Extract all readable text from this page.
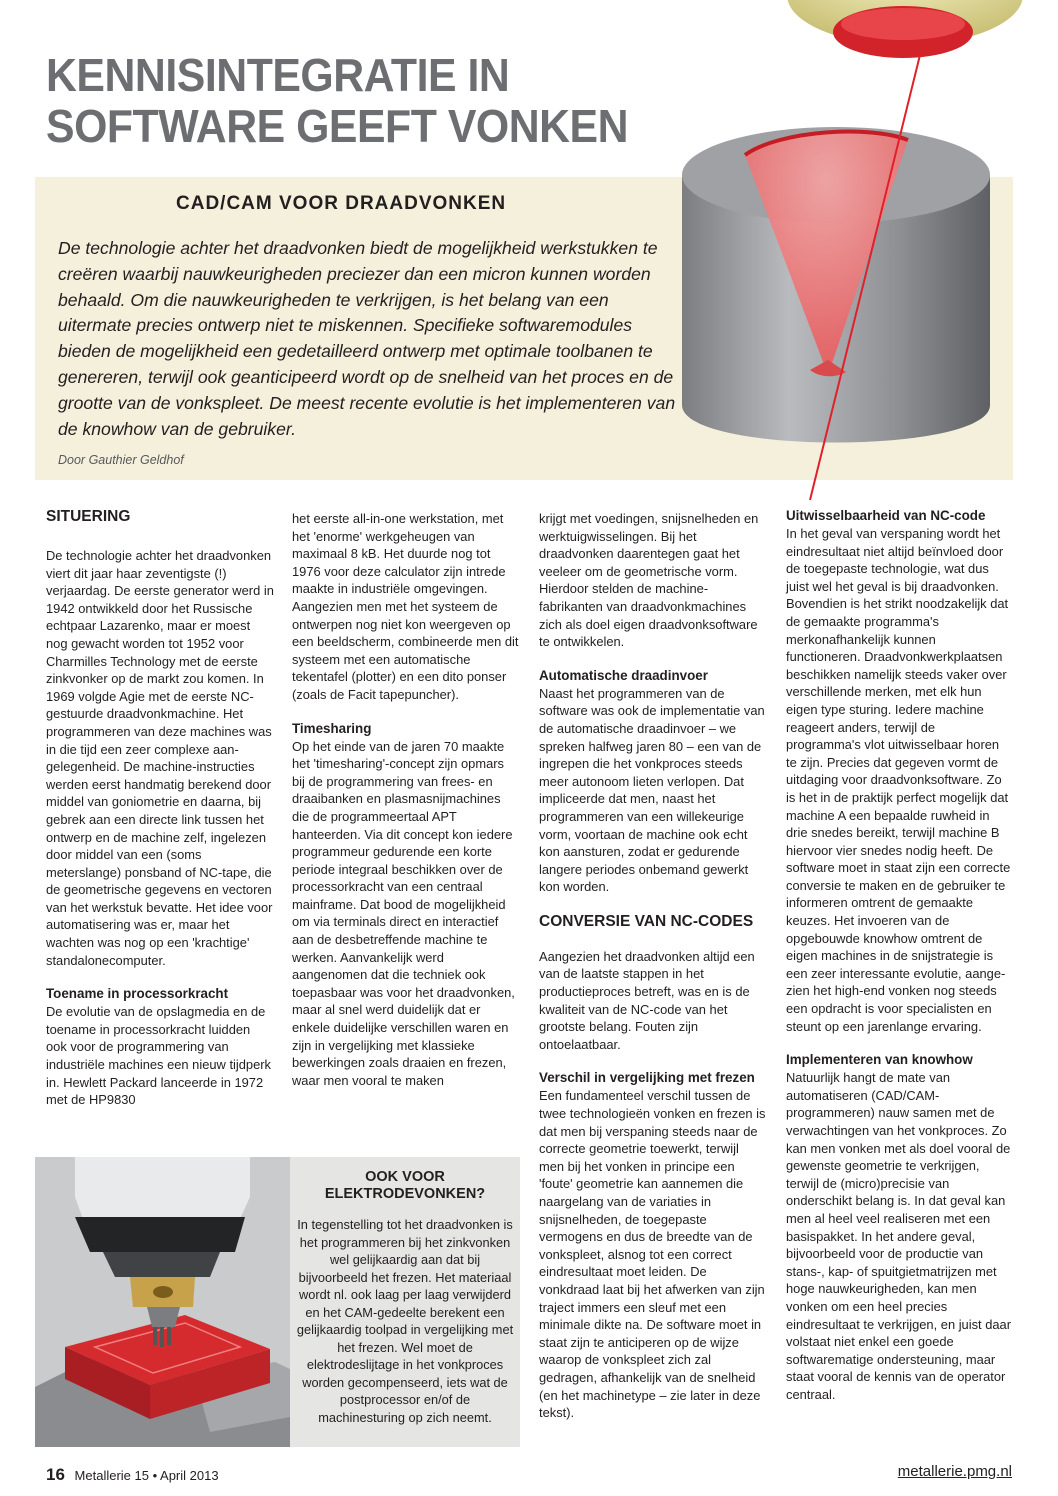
KENNISINTEGRATIE IN
SOFTWARE GEEFT VONKEN

CAD/CAM VOOR DRAADVONKEN

De technologie achter het draadvonken biedt de mogelijkheid werkstukken te creëren waarbij nauwkeurigheden preciezer dan een micron kunnen worden behaald. Om die nauwkeurigheden te verkrijgen, is het belang van een uitermate precies ontwerp niet te miskennen. Specifieke softwaremodules bieden de mogelijkheid een gedetailleerd ontwerp met optimale toolbanen te genereren, terwijl ook geanticipeerd wordt op de snelheid van het proces en de grootte van de vonkspleet. De meest recente evolutie is het implementeren van de knowhow van de gebruiker.

Door Gauthier Geldhof

SITUERING

De technologie achter het draadvonken viert dit jaar haar zeventigste (!) verjaardag. De eerste generator werd in 1942 ontwikkeld door het Russische echtpaar Lazarenko, maar er moest nog gewacht worden tot 1952 voor Charmilles Technology met de eerste zinkvonker op de markt zou komen. In 1969 volgde Agie met de eerste NC-gestuurde draadvonkmachine. Het programmeren van deze machines was in die tijd een zeer complexe aangelegenheid. De machine-instructies werden eerst handmatig berekend door middel van goniometrie en daarna, bij gebrek aan een directe link tussen het ontwerp en de machine zelf, ingelezen door middel van een (soms meterslange) ponsband of NC-tape, die de geometrische gegevens en vectoren van het werkstuk bevatte. Het idee voor automatisering was er, maar het wachten was nog op een 'krachtige' standalonecomputer.

Toename in processorkracht

De evolutie van de opslagmedia en de toename in processorkracht luidden ook voor de programmering van industriële machines een nieuw tijdperk in. Hewlett Packard lanceerde in 1972 met de HP9830

het eerste all-in-one werkstation, met het 'enorme' werkgeheugen van maximaal 8 kB. Het duurde nog tot 1976 voor deze calculator zijn intrede maakte in industriële omgevingen. Aangezien men met het systeem de ontwerpen nog niet kon weergeven op een beeldscherm, combineerde men dit systeem met een automatische tekentafel (plotter) en een dito ponser (zoals de Facit tapepuncher).

Timesharing

Op het einde van de jaren 70 maakte het 'timesharing'-concept zijn opmars bij de programmering van frees- en draaibanken en plasmasnijmachines die de programmeertaal APT hanteerden. Via dit concept kon iedere programmeur gedurende een korte periode integraal beschikken over de processorkracht van een centraal mainframe. Dat bood de mogelijkheid om via terminals direct en interactief aan de desbetreffende machine te werken. Aanvankelijk werd aangenomen dat die techniek ook toepasbaar was voor het draadvonken, maar al snel werd duidelijk dat er enkele duidelijke verschillen waren en zijn in vergelijking met klassieke bewerkingen zoals draaien en frezen, waar men vooral te maken

krijgt met voedingen, snijsnelheden en werktuigwisselingen. Bij het draadvonken daarentegen gaat het veeleer om de geometrische vorm. Hierdoor stelden de machinefabrikanten van draadvonkmachines zich als doel eigen draadvonksoftware te ontwikkelen.

Automatische draadinvoer

Naast het programmeren van de software was ook de implementatie van de automatische draadinvoer – we spreken halfweg jaren 80 – een van de ingrepen die het vonkproces steeds meer autonoom lieten verlopen. Dat impliceerde dat men, naast het programmeren van een willekeurige vorm, voortaan de machine ook echt kon aansturen, zodat er gedurende langere periodes onbemand gewerkt kon worden.

CONVERSIE VAN NC-CODES

Aangezien het draadvonken altijd een van de laatste stappen in het productieproces betreft, was en is de kwaliteit van de NC-code van het grootste belang. Fouten zijn ontoelaatbaar.

Verschil in vergelijking met frezen

Een fundamenteel verschil tussen de twee technologieën vonken en frezen is dat men bij verspaning steeds naar de correcte geometrie toewerkt, terwijl men bij het vonken in principe een 'foute' geometrie kan aannemen die naargelang van de variaties in snijsnelheden, de toegepaste vermogens en dus de breedte van de vonkspleet, alsnog tot een correct eindresultaat moet leiden. De vonkdraad laat bij het afwerken van zijn traject immers een sleuf met een minimale dikte na. De software moet in staat zijn te anticiperen op de wijze waarop de vonkspleet zich zal gedragen, afhankelijk van de snelheid (en het machinetype – zie later in deze tekst).

Uitwisselbaarheid van NC-code

In het geval van verspaning wordt het eindresultaat niet altijd beïnvloed door de toegepaste technologie, wat dus juist wel het geval is bij draadvonken. Bovendien is het strikt noodzakelijk dat de gemaakte programma's merkonafhankelijk kunnen functioneren. Draadvonkwerkplaatsen beschikken namelijk steeds vaker over verschillende merken, met elk hun eigen type sturing. Iedere machine reageert anders, terwijl de programma's vlot uitwisselbaar horen te zijn. Precies dat gegeven vormt de uitdaging voor draadvonksoftware. Zo is het in de praktijk perfect mogelijk dat machine A een bepaalde ruwheid in drie snedes bereikt, terwijl machine B hiervoor vier snedes nodig heeft. De software moet in staat zijn een correcte conversie te maken en de gebruiker te informeren omtrent de gemaakte keuzes. Het invoeren van de opgebouwde knowhow omtrent de eigen machines in de snijstrategie is een zeer interessante evolutie, aangezien het high-end vonken nog steeds een opdracht is voor specialisten en steunt op een jarenlange ervaring.

Implementeren van knowhow

Natuurlijk hangt de mate van automatiseren (CAD/CAM-programmeren) nauw samen met de verwachtingen van het vonkproces. Zo kan men vonken met als doel vooral de gewenste geometrie te verkrijgen, terwijl de (micro)precisie van onderschikt belang is. In dat geval kan men al heel veel realiseren met een basispakket. In het andere geval, bijvoorbeeld voor de productie van stans-, kap- of spuitgietmatrijzen met hoge nauwkeurigheden, kan men vonken om een heel precies eindresultaat te verkrijgen, en juist daar volstaat niet enkel een goede softwarematige ondersteuning, maar staat vooral de kennis van de operator centraal.

OOK VOOR
ELEKTRODEVONKEN?

In tegenstelling tot het draadvonken is het programmeren bij het zinkvonken wel gelijkaardig aan dat bij bijvoorbeeld het frezen. Het materiaal wordt nl. ook laag per laag verwijderd en het CAM-gedeelte berekent een gelijkaardig toolpad in vergelijking met het frezen. Wel moet de elektrodeslijtage in het vonkproces worden gecompenseerd, iets wat de postprocessor en/of de machinesturing op zich neemt.

16 Metallerie 15 • April 2013	metallerie.pmg.nl
